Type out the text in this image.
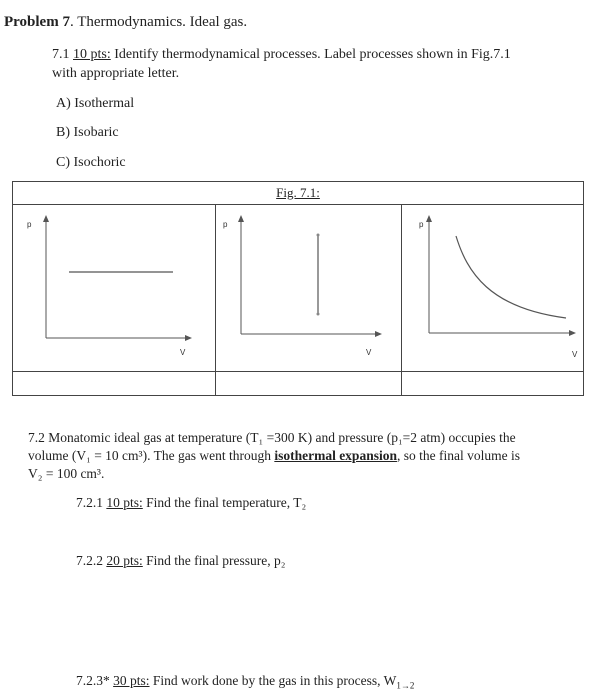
Problem 7. Thermodynamics. Ideal gas.
7.1 10 pts: Identify thermodynamical processes. Label processes shown in Fig.7.1
with appropriate letter.
A) Isothermal
B) Isobaric
C) Isochoric
Fig. 7.1:
p
V
p
V
p
V
7.2 Monatomic ideal gas at temperature (T₁ =300 K) and pressure (p₁=2 atm) occupies the
volume (V₁ = 10 cm³). The gas went through isothermal expansion, so the final volume is
V₂ = 100 cm³.
7.2.1 10 pts: Find the final temperature, T₂
7.2.2 20 pts: Find the final pressure, p₂
7.2.3* 30 pts: Find work done by the gas in this process, $W_{1\to 2}$
